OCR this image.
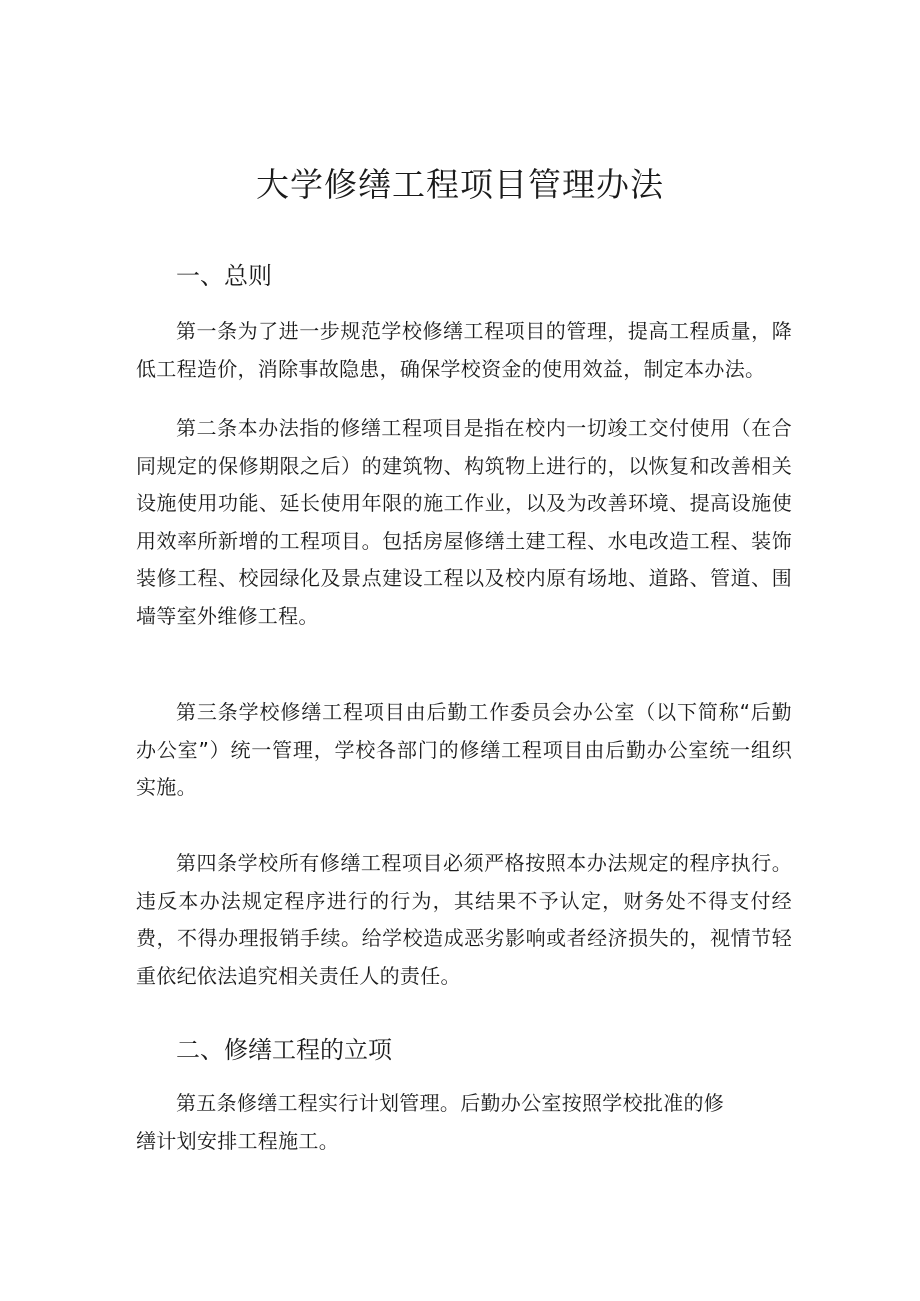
大学修缮工程项目管理办法
一、总则

第一条为了进一步规范学校修缮工程项目的管理，提高工程质量，降低工程造价，消除事故隐患，确保学校资金的使用效益，制定本办法。

第二条本办法指的修缮工程项目是指在校内一切竣工交付使用（在合同规定的保修期限之后）的建筑物、构筑物上进行的，以恢复和改善相关设施使用功能、延长使用年限的施工作业，以及为改善环境、提高设施使用效率所新增的工程项目。包括房屋修缮土建工程、水电改造工程、装饰装修工程、校园绿化及景点建设工程以及校内原有场地、道路、管道、围墙等室外维修工程。

第三条学校修缮工程项目由后勤工作委员会办公室（以下简称“后勤办公室”）统一管理，学校各部门的修缮工程项目由后勤办公室统一组织实施。

第四条学校所有修缮工程项目必须严格按照本办法规定的程序执行。违反本办法规定程序进行的行为，其结果不予认定，财务处不得支付经费，不得办理报销手续。给学校造成恶劣影响或者经济损失的，视情节轻重依纪依法追究相关责任人的责任。

二、修缮工程的立项

第五条修缮工程实行计划管理。后勤办公室按照学校批准的修缮计划安排工程施工。
